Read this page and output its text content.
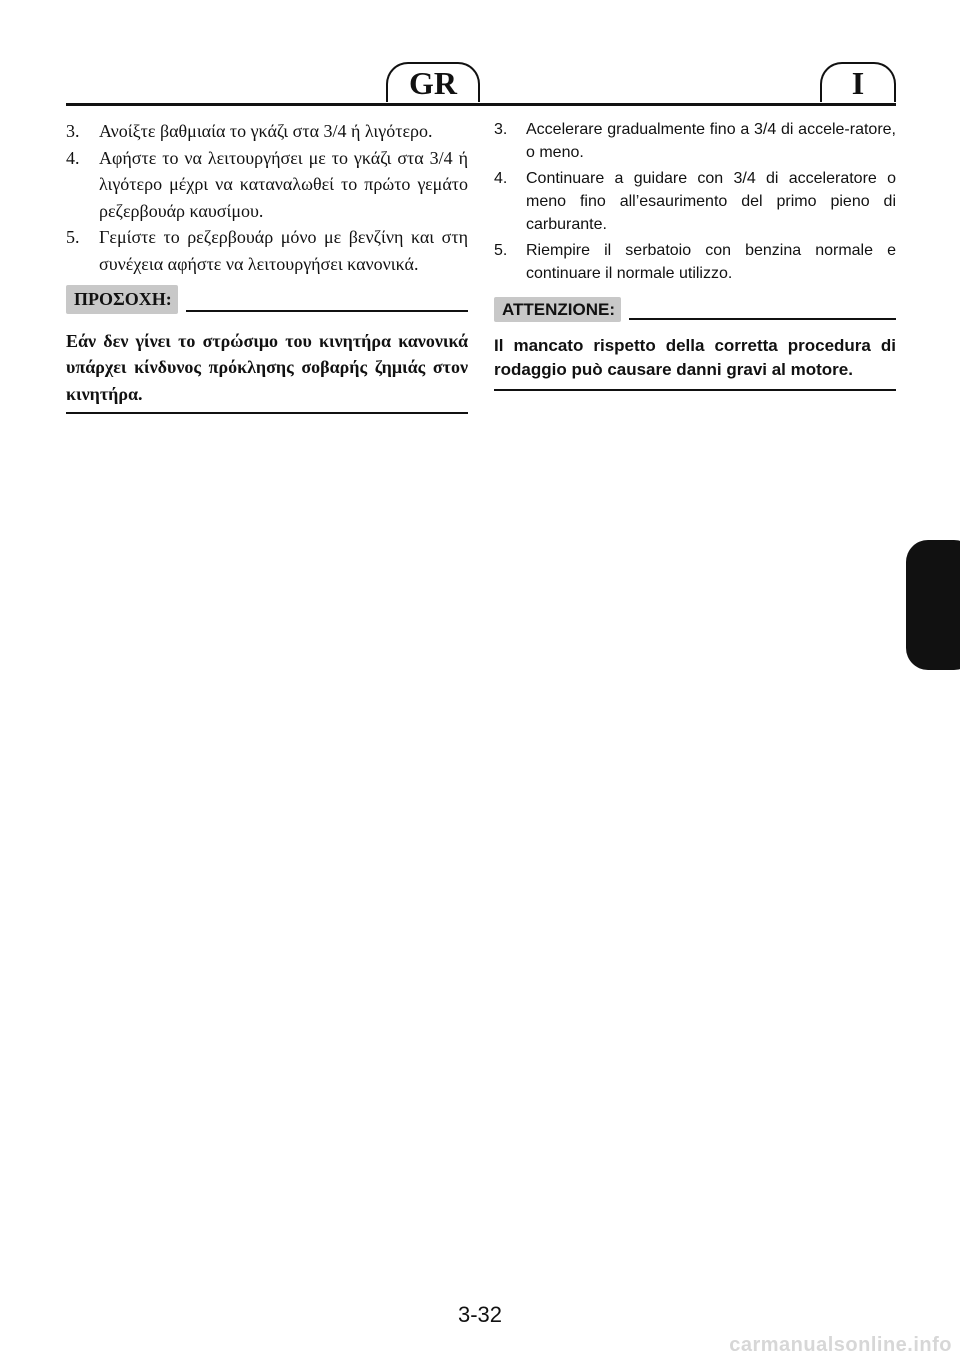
GR	I
3.	Ανοίξτε βαθμιαία το γκάζι στα 3/4 ή λιγότερο.
4.	Αφήστε το να λειτουργήσει με το γκάζι στα 3/4 ή λιγότερο μέχρι να καταναλωθεί το πρώτο γεμάτο ρεζερβουάρ καυσίμου.
5.	Γεμίστε το ρεζερβουάρ μόνο με βενζίνη και στη συνέχεια αφήστε να λειτουργήσει κανονικά.
ΠΡΟΣΟΧΗ:
Εάν δεν γίνει το στρώσιμο του κινητήρα κανονικά υπάρχει κίνδυνος πρόκλησης σοβαρής ζημιάς στον κινητήρα.
3.	Accelerare gradualmente fino a 3/4 di accele-ratore, o meno.
4.	Continuare a guidare con 3/4 di acceleratore o meno fino all’esaurimento del primo pieno di carburante.
5.	Riempire il serbatoio con benzina normale e continuare il normale utilizzo.
ATTENZIONE:
Il mancato rispetto della corretta procedura di rodaggio può causare danni gravi al motore.
3-32
carmanualsonline.info
